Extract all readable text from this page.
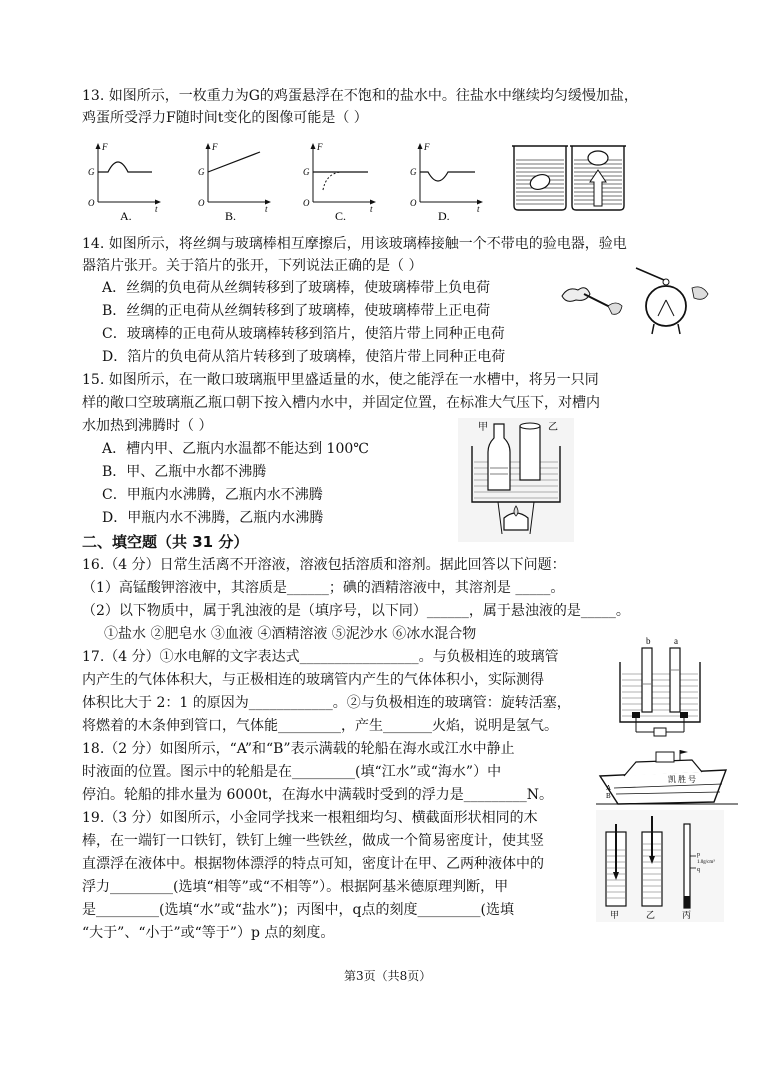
13. 如图所示，一枚重力为G的鸡蛋悬浮在不饱和的盐水中。往盐水中继续均匀缓慢加盐，
鸡蛋所受浮力F随时间t变化的图像可能是（ ）
F
G
O
t
A.
F
G
O
t
B.
F
G
O
t
C.
F
G
O
t
D.
14. 如图所示，将丝绸与玻璃棒相互摩擦后，用该玻璃棒接触一个不带电的验电器，验电
器箔片张开。关于箔片的张开，下列说法正确的是（ ）
A．丝绸的负电荷从丝绸转移到了玻璃棒，使玻璃棒带上负电荷
B．丝绸的正电荷从丝绸转移到了玻璃棒，使玻璃棒带上正电荷
C．玻璃棒的正电荷从玻璃棒转移到箔片，使箔片带上同种正电荷
D．箔片的负电荷从箔片转移到了玻璃棒，使箔片带上同种正电荷
15. 如图所示，在一敞口玻璃瓶甲里盛适量的水，使之能浮在一水槽中，将另一只同
样的敞口空玻璃瓶乙瓶口朝下按入槽内水中，并固定位置，在标准大气压下，对槽内
水加热到沸腾时（ ）
A．槽内甲、乙瓶内水温都不能达到 100℃
B．甲、乙瓶中水都不沸腾
C．甲瓶内水沸腾，乙瓶内水不沸腾
D．甲瓶内水不沸腾，乙瓶内水沸腾
甲	乙
二、填空题（共 31 分）
16.（4 分）日常生活离不开溶液，溶液包括溶质和溶剂。据此回答以下问题：
（1）高锰酸钾溶液中，其溶质是______；碘的酒精溶液中，其溶剂是 _____。
（2）以下物质中，属于乳浊液的是（填序号，以下同）______，属于悬浊液的是_____。
①盐水 ②肥皂水 ③血液 ④酒精溶液 ⑤泥沙水 ⑥冰水混合物
17.（4 分）①水电解的文字表达式_________________。与负极相连的玻璃管
内产生的气体体积大，与正极相连的玻璃管内产生的气体体积小，实际测得
体积比大于 2：1 的原因为____________。②与负极相连的玻璃管：旋转活塞，
将燃着的木条伸到管口，气体能_________，产生_______火焰，说明是氢气。
b	a
18.（2 分）如图所示，“A”和“B”表示满载的轮船在海水或江水中静止
时液面的位置。图示中的轮船是在_________(填“江水”或“海水”）中
停泊。轮船的排水量为 6000t，在海水中满载时受到的浮力是_________N。
凯 胜 号
A
B
19.（3 分）如图所示，小金同学找来一根粗细均匀、横截面形状相同的木
棒，在一端钉一口铁钉，铁钉上缠一些铁丝，做成一个简易密度计，使其竖
直漂浮在液体中。根据物体漂浮的特点可知，密度计在甲、乙两种液体中的
浮力_________(选填“相等”或“不相等”）。根据阿基米德原理判断，甲
是_________(选填“水”或“盐水”)；丙图中，q点的刻度_________(选填
“大于”、“小于”或“等于”）p 点的刻度。
p
1.0g/cm³
q
甲	乙	丙
第3页（共8页）
